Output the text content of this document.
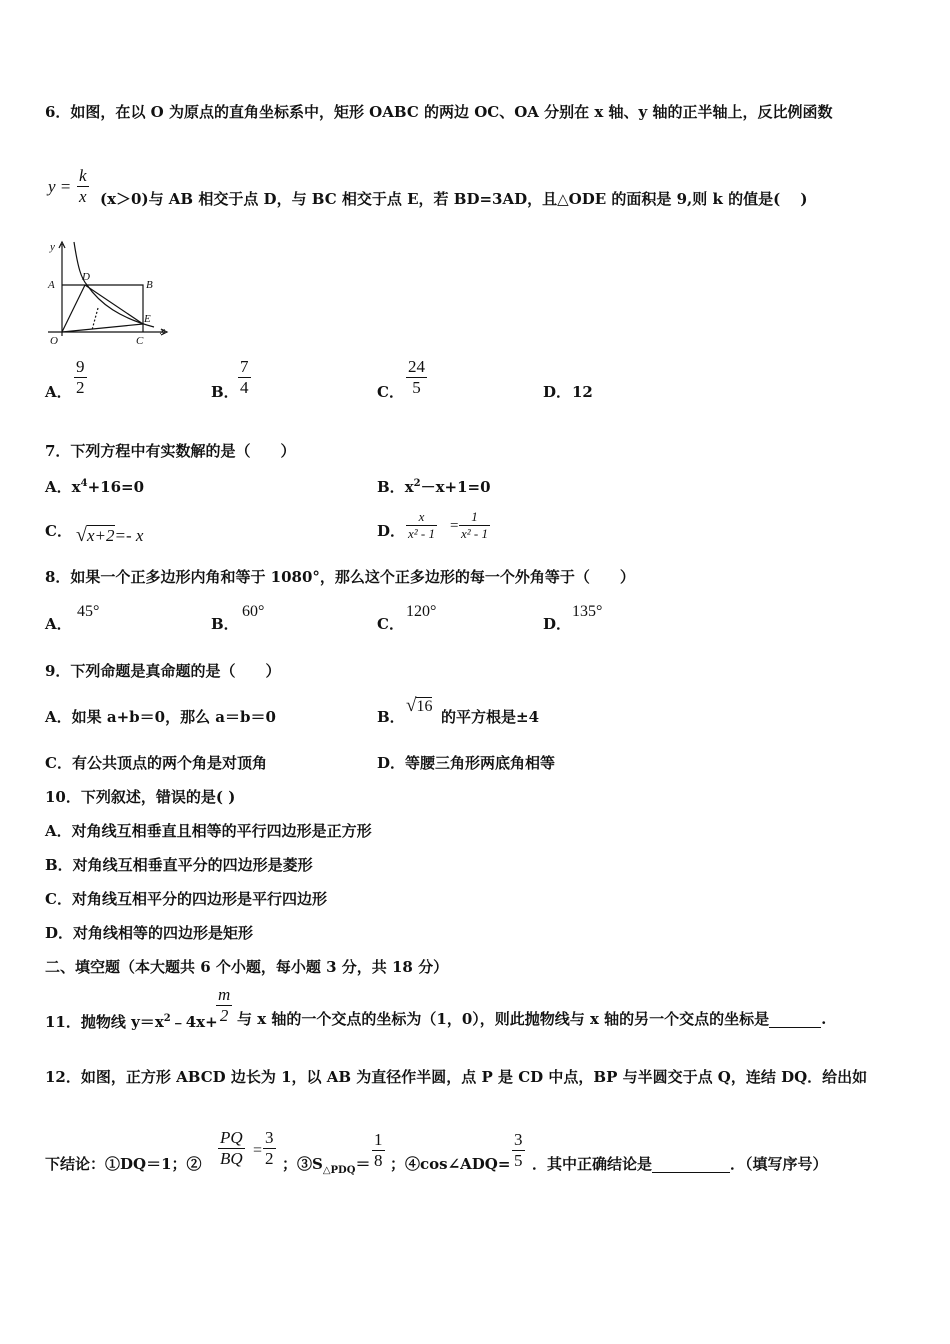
6．如图，在以 O 为原点的直角坐标系中，矩形 OABC 的两边 OC、OA 分别在 x 轴、y 轴的正半轴上，反比例函数
$y = \frac{k}{x} (x>0)$与 AB 相交于点 D，与 BC 相交于点 E，若 BD=3AD，且△ODE 的面积是 9,则 k 的值是(　 )
y
A
D
B
E
x
O	C
A． $\frac{9}{2}$	B． $\frac{7}{4}$	C． $\frac{24}{5}$	D． 12
7．下列方程中有实数解的是（　　）
A．$x^4+16=0$	B．$x^2-x+1=0$
C． √x+2=- x	D． $\frac{x}{\text{x² - 1}} = \frac{1}{\text{x² - 1}}$
8．如果一个正多边形内角和等于 1080°，那么这个正多边形的每一个外角等于（　　）
A．
45°
B．
60°
C．
120°
D．
135°
9．下列命题是真命题的是（　　）
A．如果 a+b＝0，那么 a＝b＝0	B．
√16
的平方根是±4
C．有公共顶点的两个角是对顶角	D．等腰三角形两底角相等
10．下列叙述，错误的是( )
A．对角线互相垂直且相等的平行四边形是正方形
B．对角线互相垂直平分的四边形是菱形
C．对角线互相平分的四边形是平行四边形
D．对角线相等的四边形是矩形
二、填空题（本大题共 6 个小题，每小题 3 分，共 18 分）
11．抛物线 $y=x^2﹣4x+$
$\frac{m}{2}$ 与 x 轴的一个交点的坐标为（1，0），则此抛物线与 x 轴的另一个交点的坐标是	.
12．如图，正方形 ABCD 边长为 1，以 AB 为直径作半圆，点 P 是 CD 中点，BP 与半圆交于点 Q，连结 DQ．给出如
下结论：①DQ＝1；② $\frac{PQ}{BQ} = \frac{3}{2}$ ；$③S_{\triangle PDQ}= \frac{1}{8}$ ；④cos∠ADQ= $\frac{3}{5}$ ．其中正确结论是	．（填写序号）
